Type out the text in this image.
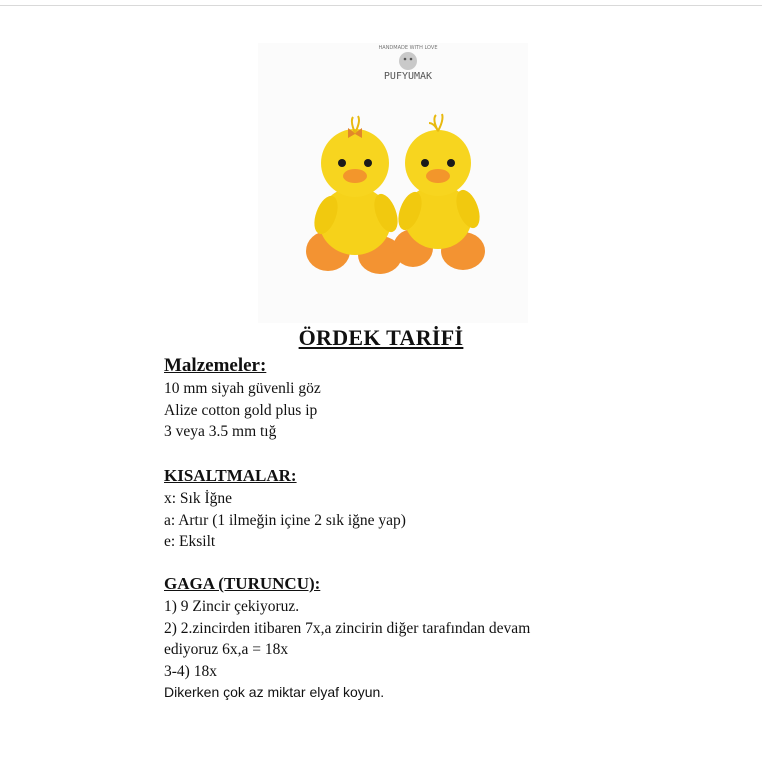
HANDMADE WITH LOVE
PUFYUMAK
ÖRDEK TARİFİ
Malzemeler:
10 mm siyah güvenli göz
Alize cotton gold plus ip
3 veya 3.5 mm tığ
KISALTMALAR:
x: Sık İğne
a: Artır (1 ilmeğin içine 2 sık iğne yap)
e: Eksilt
GAGA (TURUNCU):
1) 9 Zincir çekiyoruz.
2) 2.zincirden itibaren 7x,a zincirin diğer tarafından devam
ediyoruz 6x,a = 18x
3-4) 18x
Dikerken çok az miktar elyaf koyun.
